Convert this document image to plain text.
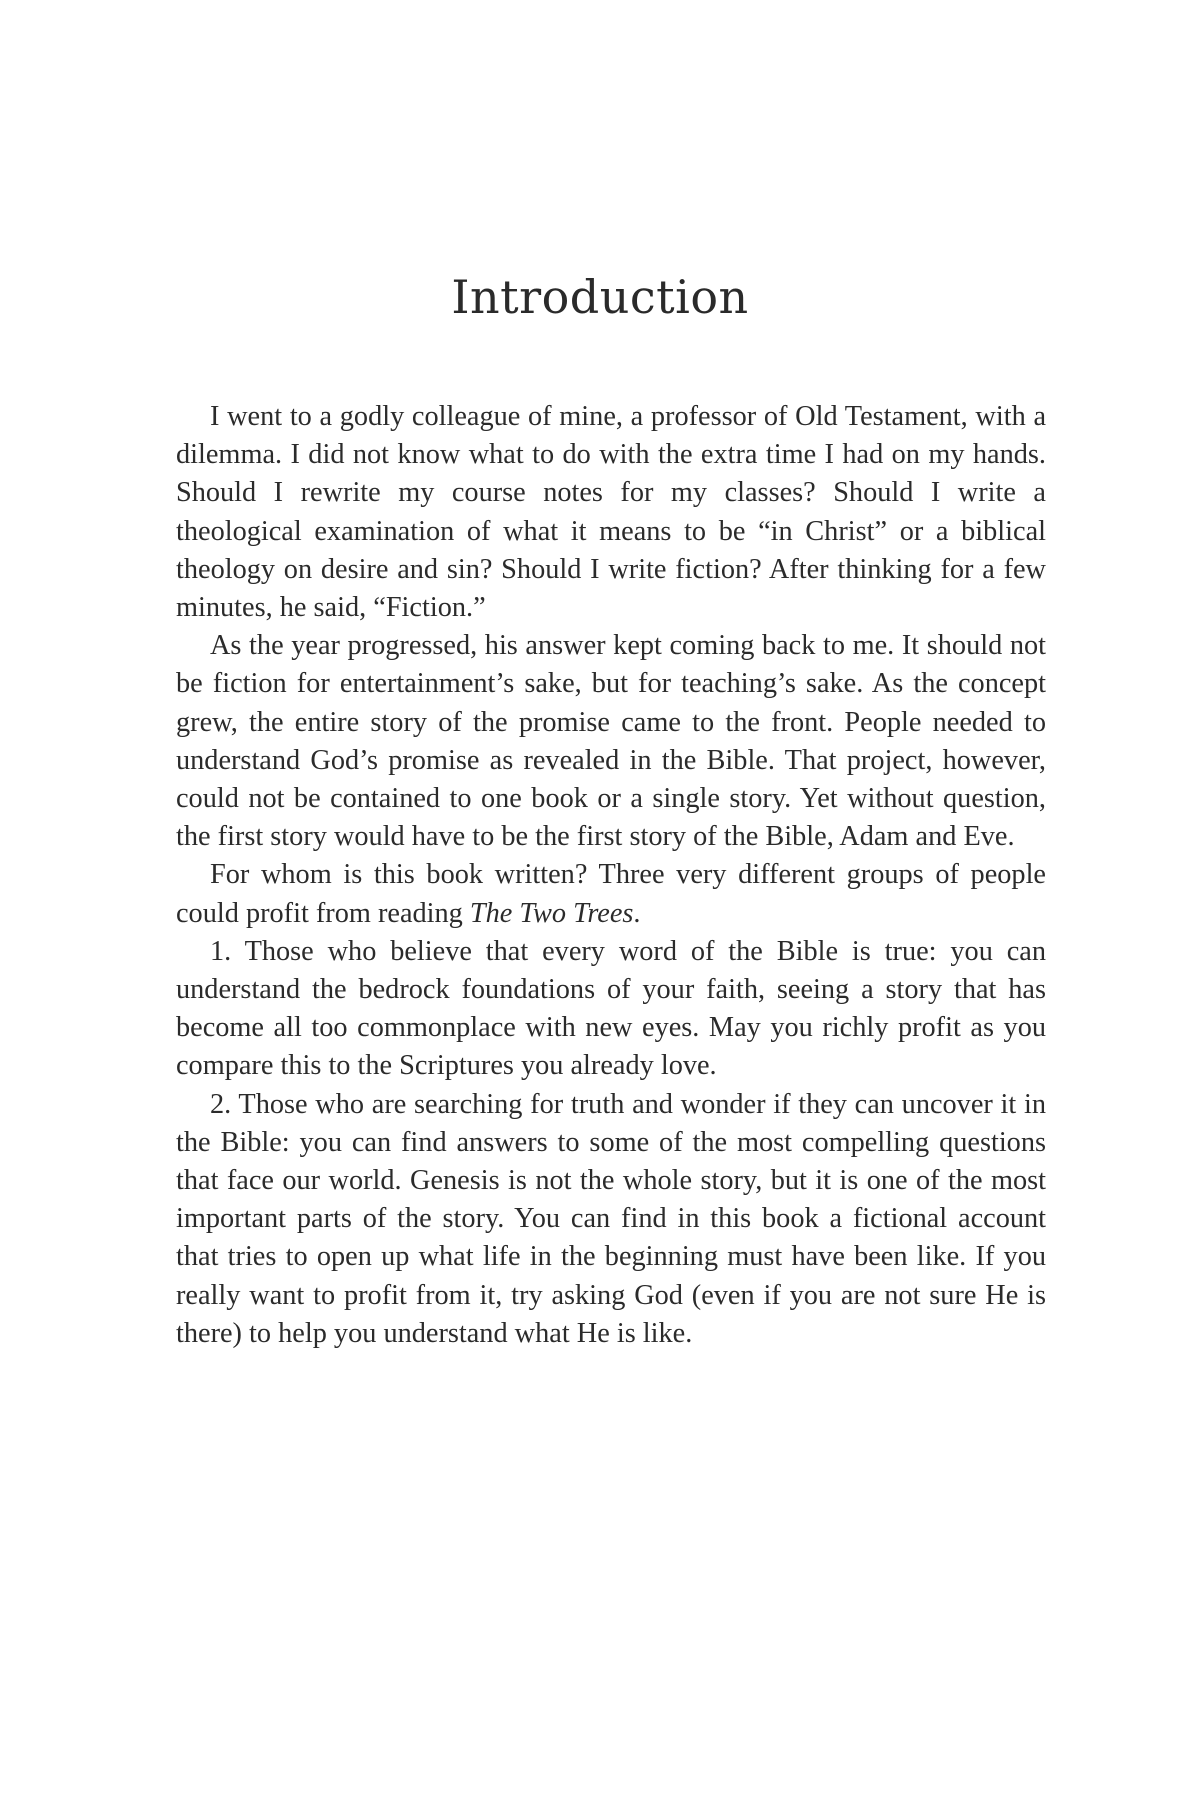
Introduction

I went to a godly colleague of mine, a professor of Old Testament, with a dilemma. I did not know what to do with the extra time I had on my hands. Should I rewrite my course notes for my classes? Should I write a theological examination of what it means to be “in Christ” or a biblical theology on desire and sin? Should I write fiction? After thinking for a few minutes, he said, “Fiction.”

As the year progressed, his answer kept coming back to me. It should not be fiction for entertainment’s sake, but for teaching’s sake. As the concept grew, the entire story of the promise came to the front. People needed to understand God’s promise as revealed in the Bible. That project, however, could not be contained to one book or a single story. Yet without question, the first story would have to be the first story of the Bible, Adam and Eve.

For whom is this book written? Three very different groups of people could profit from reading The Two Trees.

1. Those who believe that every word of the Bible is true: you can understand the bedrock foundations of your faith, seeing a story that has become all too commonplace with new eyes. May you richly profit as you compare this to the Scriptures you already love.

2. Those who are searching for truth and wonder if they can uncover it in the Bible: you can find answers to some of the most compelling questions that face our world. Genesis is not the whole story, but it is one of the most important parts of the story. You can find in this book a fictional account that tries to open up what life in the beginning must have been like. If you really want to profit from it, try asking God (even if you are not sure He is there) to help you understand what He is like.
